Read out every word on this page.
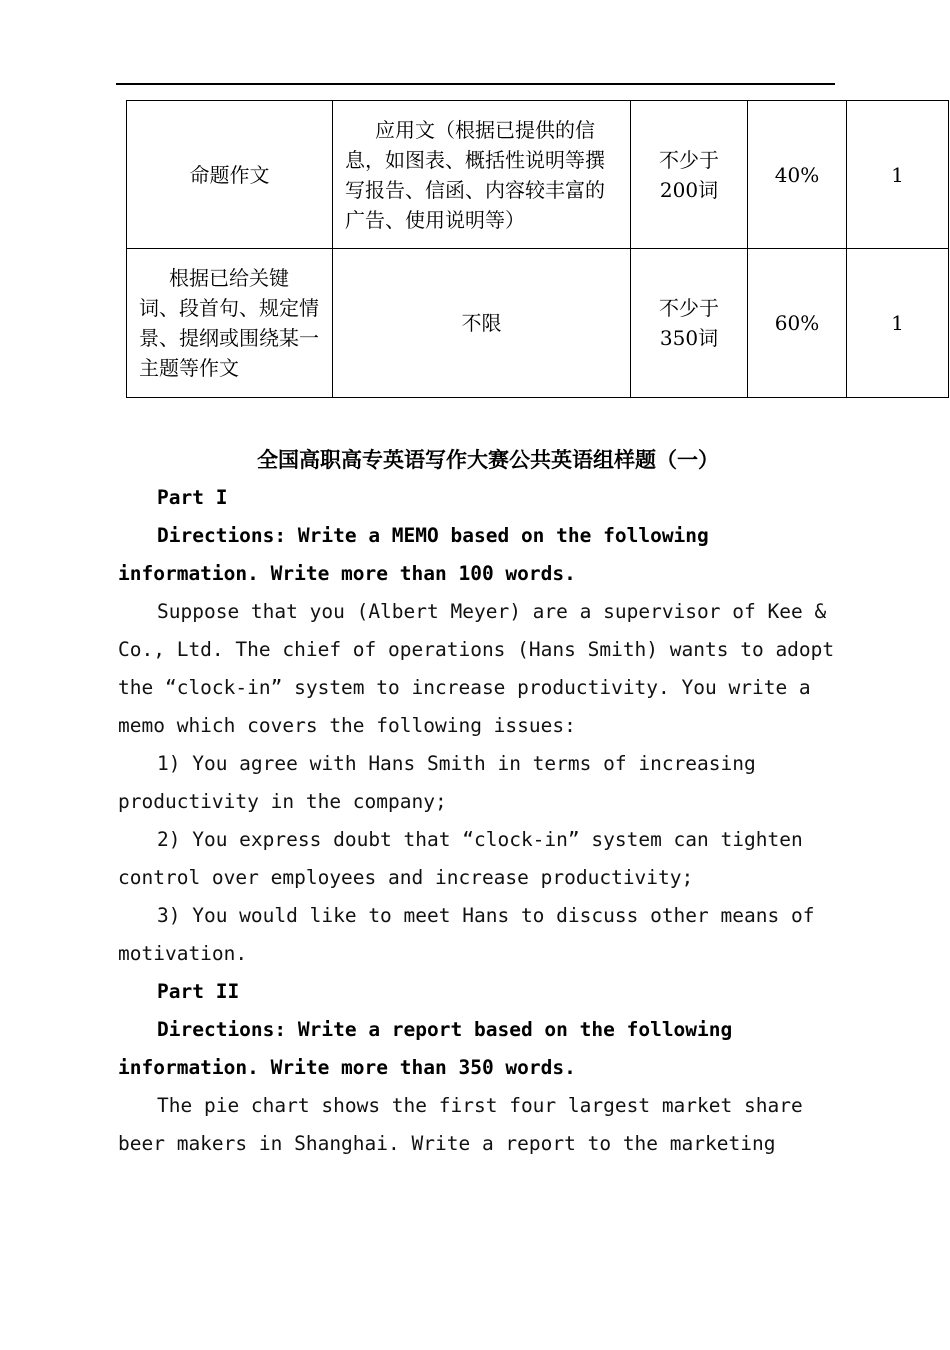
命题作文	应用文（根据已提供的信息，如图表、概括性说明等撰写报告、信函、内容较丰富的广告、使用说明等）	不少于200词	40%	1
根据已给关键词、段首句、规定情景、提纲或围绕某一主题等作文	不限	不少于350词	60%	1
全国高职高专英语写作大赛公共英语组样题（一）
Part I
Directions: Write a MEMO based on the following
information. Write more than 100 words.
Suppose that you (Albert Meyer) are a supervisor of Kee &
Co., Ltd. The chief of operations (Hans Smith) wants to adopt
the “clock-in” system to increase productivity. You write a
memo which covers the following issues:
1) You agree with Hans Smith in terms of increasing
productivity in the company;
2) You express doubt that “clock-in” system can tighten
control over employees and increase productivity;
3) You would like to meet Hans to discuss other means of
motivation.
Part II
Directions: Write a report based on the following
information. Write more than 350 words.
The pie chart shows the first four largest market share
beer makers in Shanghai. Write a report to the marketing
